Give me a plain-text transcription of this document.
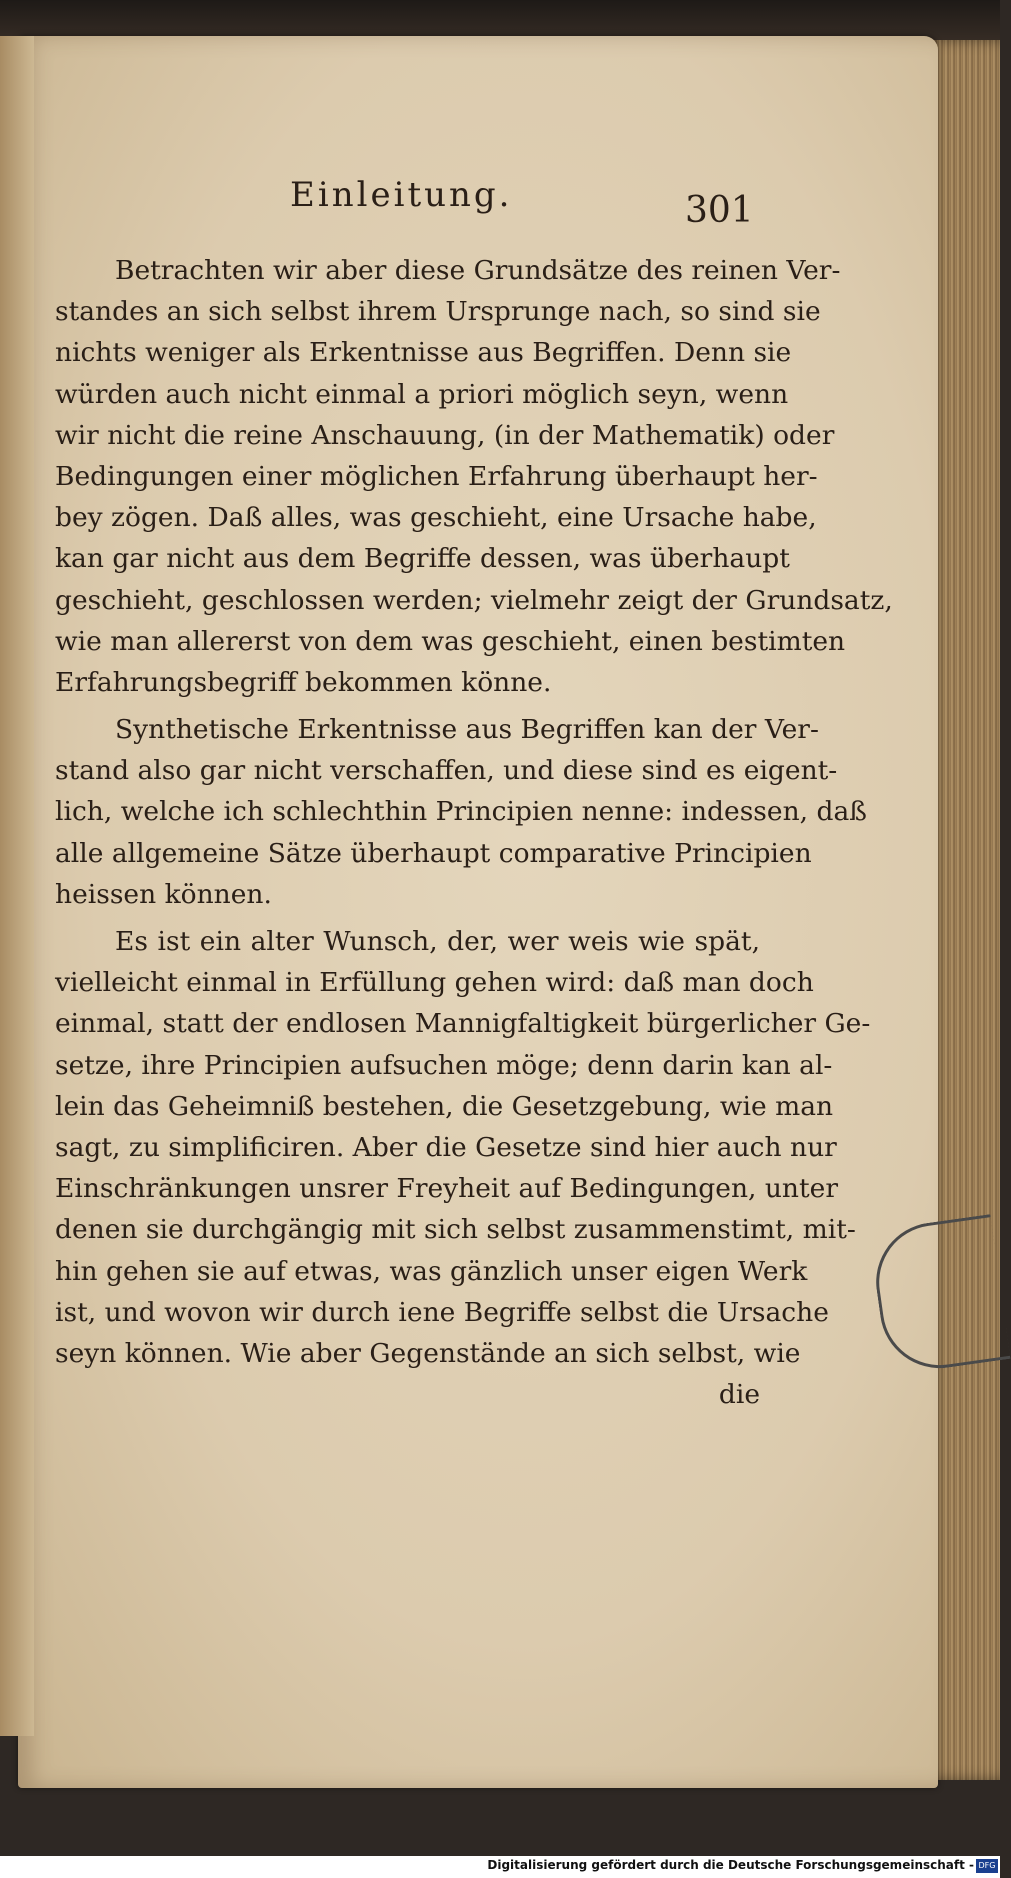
Einleitung.	301
Betrachten wir aber diese Grundsätze des reinen Ver-
standes an sich selbst ihrem Ursprunge nach, so sind sie
nichts weniger als Erkentnisse aus Begriffen. Denn sie
würden auch nicht einmal a priori möglich seyn, wenn
wir nicht die reine Anschauung, (in der Mathematik) oder
Bedingungen einer möglichen Erfahrung überhaupt her-
bey zögen. Daß alles, was geschieht, eine Ursache habe,
kan gar nicht aus dem Begriffe dessen, was überhaupt
geschieht, geschlossen werden; vielmehr zeigt der Grundsatz,
wie man allererst von dem was geschieht, einen bestimten
Erfahrungsbegriff bekommen könne.
Synthetische Erkentnisse aus Begriffen kan der Ver-
stand also gar nicht verschaffen, und diese sind es eigent-
lich, welche ich schlechthin Principien nenne: indessen, daß
alle allgemeine Sätze überhaupt comparative Principien
heissen können.
Es ist ein alter Wunsch, der, wer weis wie spät,
vielleicht einmal in Erfüllung gehen wird: daß man doch
einmal, statt der endlosen Mannigfaltigkeit bürgerlicher Ge-
setze, ihre Principien aufsuchen möge; denn darin kan al-
lein das Geheimniß bestehen, die Gesetzgebung, wie man
sagt, zu simplificiren. Aber die Gesetze sind hier auch nur
Einschränkungen unsrer Freyheit auf Bedingungen, unter
denen sie durchgängig mit sich selbst zusammenstimt, mit-
hin gehen sie auf etwas, was gänzlich unser eigen Werk
ist, und wovon wir durch iene Begriffe selbst die Ursache
seyn können. Wie aber Gegenstände an sich selbst, wie
die
Digitalisierung gefördert durch die Deutsche Forschungsgemeinschaft - DFG
